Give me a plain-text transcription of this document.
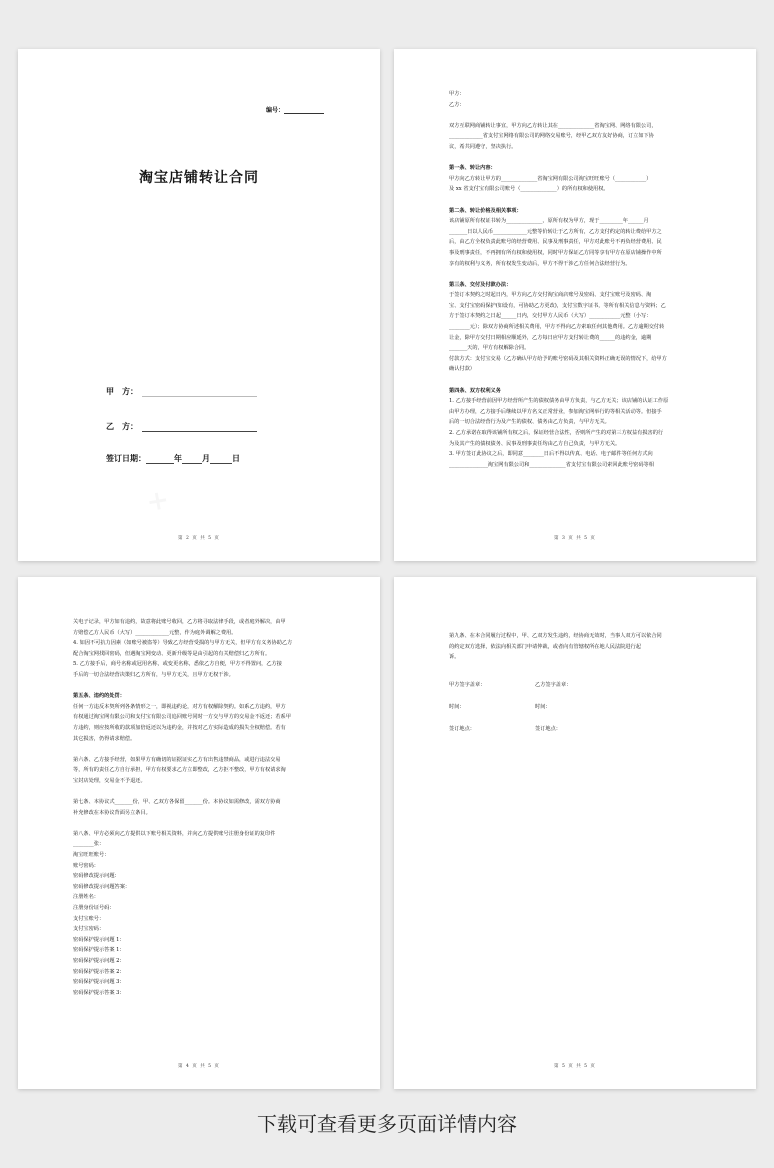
编号：
淘宝店铺转让合同
甲　方：
乙　方：
签订日期：	年	月	日
第 2 页 共 5 页

甲方：

乙方：

双方互联网商铺转让事宜，甲方向乙方转让其在______________省淘宝网、网络有限公司，

_____________省支付宝网络有限公司的网络交易账号，经甲乙双方友好协商，订立如下协

议，希共同遵守，坚决执行。

第一条、转让内容：

甲方向乙方转让甲方的______________省淘宝网有限公司淘宝旺旺账号（____________）

及 xx 省支付宝有限公司账号（______________）的所有权和使用权。

第二条、转让价格及相关事项：

该店铺原所有权证书转为______________，原所有权为甲方，现于_________年______月

_______日以人民币_____________元整等价转让于乙方所有，乙方支付约定的转让费给甲方之

后，由乙方全权负责此账号的经营费用、民事及刑事责任，甲方对此账号不再负经营费用、民

事及刑事责任，不再拥有所有权和使用权，同时甲方保证乙方同等享有甲方在原店铺操作中所

享有的权利与义务，所有权发生变动后，甲方不得干涉乙方任何合法经营行为。

第三条、交付及付款办法：

于签订本契约之时起日内，甲方向乙方交付淘宝商店账号及密码、支付宝账号及密码、淘

宝、支付宝密码保护(如设有，可协助乙方更改)，支付宝数字证书，等所有相关信息与资料；乙

方于签订本契约之日起______日内，交付甲方人民币（大写）____________元整（小写：

________元）；除双方协商所述相关费用，甲方不得向乙方索取任何其他费用。乙方逾期交付转

让金，除甲方交付日期相应顺延外，乙方每日应甲方支付转让费的______的违约金，逾期

_______天的，甲方有权解除合同。

付款方式：支付宝交易（乙方确认甲方给予的账号密码及其相关资料正确无误的情况下，给甲方

确认付款）

第四条、双方权利义务

1. 乙方接手经营前因甲方经营所产生的债权债务由甲方负责，与乙方无关；该店铺的认证工作原

由甲方办理，乙方接手后继续以甲方名义正常营业，参加淘宝网举行的等相关活动等。但接手

后的一切合法经营行为及产生的债权、债务由乙方负责，与甲方无关。

2. 乙方承诺在取得该铺所有权之后，保证经营合法性，否则所产生的对第三方权益有损害的行

为及其产生的债权债务、民事及刑事责任均由乙方自己负责，与甲方无关。

3. 甲方签订此协议之后，即同意________日后不得以传真、电话、电子邮件等任何方式向

_______________淘宝网有限公司和______________省支付宝有限公司索回此账号密码等相

第 3 页 共 5 页

关电子记录，甲方如有违约，故意将此账号收回，乙方将寻取法律手段，或者庭外解决，由甲

方赔偿乙方人民币（大写）_____________元整，作为庭外调解之费用。

4. 如因不可抗力因素（如账号被盗等）导致乙方经营受损的与甲方无关，但甲方有义务协助乙方

配合淘宝网找回密码，但遇淘宝网变动、更新升级等是由引起的有关赔偿归乙方所有。

5. 乙方接手后，商号名称或冠用名称，或变更名称，悉依乙方自便，甲方不得置问，乙方接

手后的一切合法经营决策归乙方所有，与甲方无关，且甲方无权干涉。

第五条、违约的处罚：

任何一方违反本契所列各条情形之一，即视违约论，对方有权解除契约。如系乙方违约，甲方

有权通过淘宝网有限公司和支付宝有限公司追回账号同时一方交与甲方的交易金不返还；若系甲

方违约，则应按所收的款项加倍返还以为违约金，并按对乙方实际造成的损失全权赔偿。若有

其它损害，仍得请求赔偿。

第六条、乙方接手经营，如果甲方有确切的证据证实乙方有出售违禁商品，或进行违法交易

等，所有的责任乙方自行承担，甲方有权要求乙方立即整改，乙方拒不整改，甲方有权请求淘

宝封店处理，交易金不予退还。

第七条、本协议式_______份，甲、乙双方各保留_______份。本协议如需修改，需双方协商

补充修改在本协议背面另立条目。

第八条、甲方必须向乙方提供以下账号相关资料，并向乙方提供账号注册身份证的复印件

________张：

淘宝旺旺账号：

账号密码：

密码修改提示问题：

密码修改提示问题答案：

注册姓名：

注册身份证号码：

支付宝账号：

支付宝密码：

密码保护提示问题 1：

密码保护提示答案 1：

密码保护提示问题 2：

密码保护提示答案 2：

密码保护提示问题 3：

密码保护提示答案 3：

第 4 页 共 5 页

第九条、在本合同履行过程中，甲、乙双方发生违约，经协商无效时，当事人双方可以依合同

的约定双方选择，依法向相关部门申请仲裁，或者向有管辖权所在地人民法院进行起

诉。

甲方签字盖章：	乙方签字盖章：
时间：	时间：
签订地点：	签订地点：
第 5 页 共 5 页
下载可查看更多页面详情内容
